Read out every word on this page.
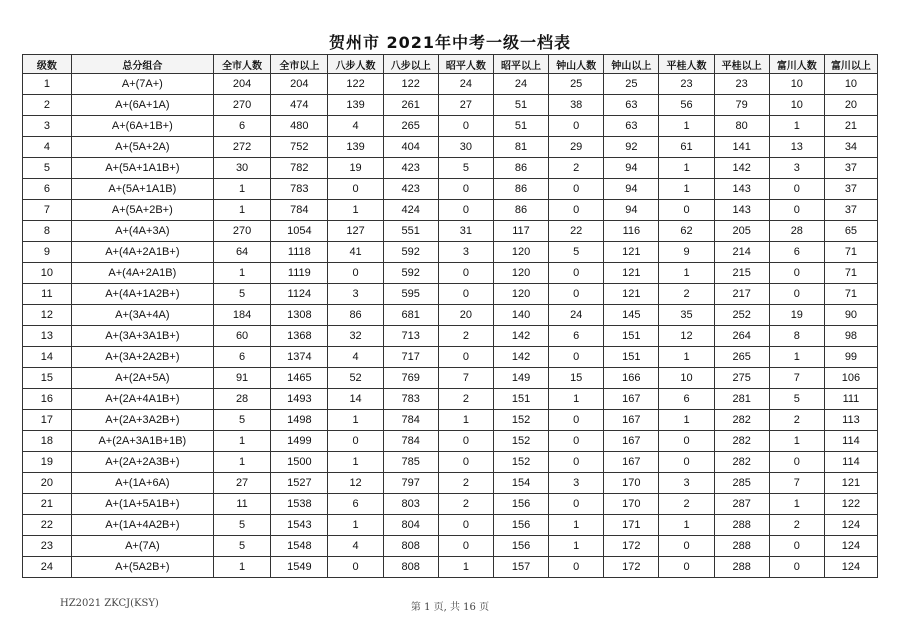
贺州市 2021年中考一级一档表
级数	总分组合	全市人数	全市以上	八步人数	八步以上	昭平人数	昭平以上	钟山人数	钟山以上	平桂人数	平桂以上	富川人数	富川以上
1	A+(7A+)	204	204	122	122	24	24	25	25	23	23	10	10
2	A+(6A+1A)	270	474	139	261	27	51	38	63	56	79	10	20
3	A+(6A+1B+)	6	480	4	265	0	51	0	63	1	80	1	21
4	A+(5A+2A)	272	752	139	404	30	81	29	92	61	141	13	34
5	A+(5A+1A1B+)	30	782	19	423	5	86	2	94	1	142	3	37
6	A+(5A+1A1B)	1	783	0	423	0	86	0	94	1	143	0	37
7	A+(5A+2B+)	1	784	1	424	0	86	0	94	0	143	0	37
8	A+(4A+3A)	270	1054	127	551	31	117	22	116	62	205	28	65
9	A+(4A+2A1B+)	64	1118	41	592	3	120	5	121	9	214	6	71
10	A+(4A+2A1B)	1	1119	0	592	0	120	0	121	1	215	0	71
11	A+(4A+1A2B+)	5	1124	3	595	0	120	0	121	2	217	0	71
12	A+(3A+4A)	184	1308	86	681	20	140	24	145	35	252	19	90
13	A+(3A+3A1B+)	60	1368	32	713	2	142	6	151	12	264	8	98
14	A+(3A+2A2B+)	6	1374	4	717	0	142	0	151	1	265	1	99
15	A+(2A+5A)	91	1465	52	769	7	149	15	166	10	275	7	106
16	A+(2A+4A1B+)	28	1493	14	783	2	151	1	167	6	281	5	111
17	A+(2A+3A2B+)	5	1498	1	784	1	152	0	167	1	282	2	113
18	A+(2A+3A1B+1B)	1	1499	0	784	0	152	0	167	0	282	1	114
19	A+(2A+2A3B+)	1	1500	1	785	0	152	0	167	0	282	0	114
20	A+(1A+6A)	27	1527	12	797	2	154	3	170	3	285	7	121
21	A+(1A+5A1B+)	11	1538	6	803	2	156	0	170	2	287	1	122
22	A+(1A+4A2B+)	5	1543	1	804	0	156	1	171	1	288	2	124
23	A+(7A)	5	1548	4	808	0	156	1	172	0	288	0	124
24	A+(5A2B+)	1	1549	0	808	1	157	0	172	0	288	0	124
HZ2021 ZKCJ(KSY)	第 1 页, 共 16 页
